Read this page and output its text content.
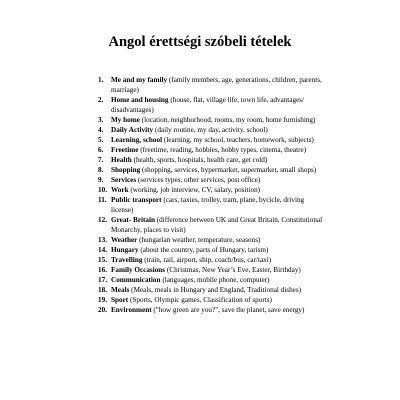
Angol érettségi szóbeli tételek
1.	Me and my family (family members, age, generations, children, parents, marriage)
2.	Home and housing (house, flat, village life, town life, advantages/ disadvantages)
3.	My home (location, neighborhood, rooms, my room, home furnishing)
4.	Daily Activity (daily routine, my day, activity, school)
5.	Learning, school (learning, my school, teachers, homework, subjects)
6.	Freetime (freetime, reading, hobbies, hobby types, cinema, theatre)
7.	Health (health, sports, hospitals, health care, get cold)
8.	Shopping (shopping, services, hypermarket, supermarket, small shops)
9.	Services (services types, other services, post office)
10. Work (working, job interview, CV, salary, position)
11. Public transport (cars, taxies, trolley, tram, plane, bycicle, driving license)
12. Great- Britain (difference between UK and Great Britain, Constitutional Monarchy, places to visit)
13. Weather (hungarian weather, temperature, seasons)
14. Hungary (about the country, parts of Hungary, tarism)
15. Travelling (train, rail, airport, ship, coach/bus, car/taxi)
16. Family Occasions (Christmas, New Year’s Eve, Easter, Birthday)
17. Communication (languages, mobile phone, computer)
18. Meals (Meals, meals in Hungary and England, Traditional dishes)
19. Sport (Sports, Olympic games, Classification of sports)
20. Environment ("how green are you?", save the planet, save energy)
